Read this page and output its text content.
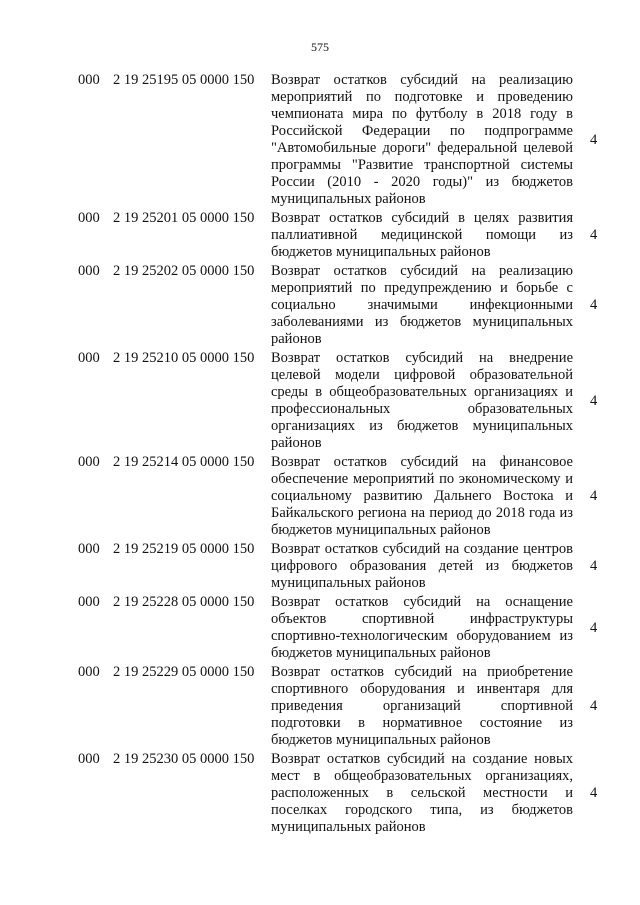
575
000 2 19 25195 05 0000 150 Возврат остатков субсидий на реализацию мероприятий по подготовке и проведению чемпионата мира по футболу в 2018 году в Российской Федерации по подпрограмме "Автомобильные дороги" федеральной целевой программы "Развитие транспортной системы России (2010 - 2020 годы)" из бюджетов муниципальных районов
4
000 2 19 25201 05 0000 150 Возврат остатков субсидий в целях развития паллиативной медицинской помощи из бюджетов муниципальных районов
4
000 2 19 25202 05 0000 150 Возврат остатков субсидий на реализацию мероприятий по предупреждению и борьбе с социально значимыми инфекционными заболеваниями из бюджетов муниципальных районов
4
000 2 19 25210 05 0000 150 Возврат остатков субсидий на внедрение целевой модели цифровой образовательной среды в общеобразовательных организациях и профессиональных образовательных организациях из бюджетов муниципальных районов
4
000 2 19 25214 05 0000 150 Возврат остатков субсидий на финансовое обеспечение мероприятий по экономическому и социальному развитию Дальнего Востока и Байкальского региона на период до 2018 года из бюджетов муниципальных районов
4
000 2 19 25219 05 0000 150 Возврат остатков субсидий на создание центров цифрового образования детей из бюджетов муниципальных районов
4
000 2 19 25228 05 0000 150 Возврат остатков субсидий на оснащение объектов спортивной инфраструктуры спортивно-технологическим оборудованием из бюджетов муниципальных районов
4
000 2 19 25229 05 0000 150 Возврат остатков субсидий на приобретение спортивного оборудования и инвентаря для приведения организаций спортивной подготовки в нормативное состояние из бюджетов муниципальных районов
4
000 2 19 25230 05 0000 150 Возврат остатков субсидий на создание новых мест в общеобразовательных организациях, расположенных в сельской местности и поселках городского типа, из бюджетов муниципальных районов
4
